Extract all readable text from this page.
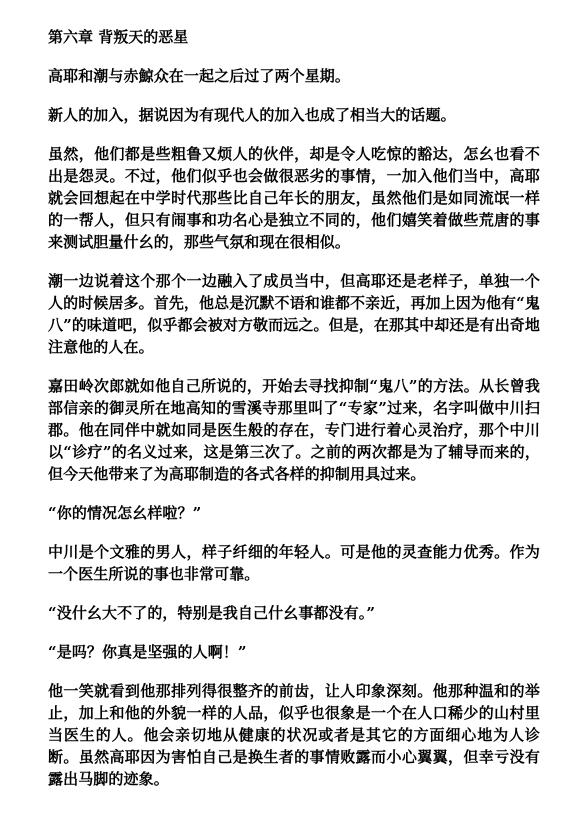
第六章 背叛天的恶星

高耶和潮与赤鯨众在一起之后过了两个星期。

新人的加入，据说因为有现代人的加入也成了相当大的话题。

虽然，他们都是些粗鲁又烦人的伙伴，却是令人吃惊的豁达，怎幺也看不出是怨灵。不过，他们似乎也会做很恶劣的事情，一加入他们当中，高耶就会回想起在中学时代那些比自己年长的朋友，虽然他们是如同流氓一样的一帮人，但只有闹事和功名心是独立不同的，他们嬉笑着做些荒唐的事来测试胆量什幺的，那些气氛和现在很相似。

潮一边说着这个那个一边融入了成员当中，但高耶还是老样子，单独一个人的时候居多。首先，他总是沉默不语和谁都不亲近，再加上因为他有“鬼八”的味道吧，似乎都会被对方敬而远之。但是，在那其中却还是有出奇地注意他的人在。

嘉田岭次郎就如他自己所说的，开始去寻找抑制“鬼八”的方法。从长曾我部信亲的御灵所在地高知的雪溪寺那里叫了“专家”过来，名字叫做中川扫郡。他在同伴中就如同是医生般的存在，专门进行着心灵治疗，那个中川以“诊疗”的名义过来，这是第三次了。之前的两次都是为了辅导而来的，但今天他带来了为高耶制造的各式各样的抑制用具过来。

“你的情况怎幺样啦？”

中川是个文雅的男人，样子纤细的年轻人。可是他的灵查能力优秀。作为一个医生所说的事也非常可靠。

“没什幺大不了的，特别是我自己什幺事都没有。”

“是吗？你真是坚强的人啊！”

他一笑就看到他那排列得很整齐的前齿，让人印象深刻。他那种温和的举止，加上和他的外貌一样的人品，似乎也很象是一个在人口稀少的山村里当医生的人。他会亲切地从健康的状况或者是其它的方面细心地为人诊断。虽然高耶因为害怕自己是换生者的事情败露而小心翼翼，但幸亏没有露出马脚的迹象。
